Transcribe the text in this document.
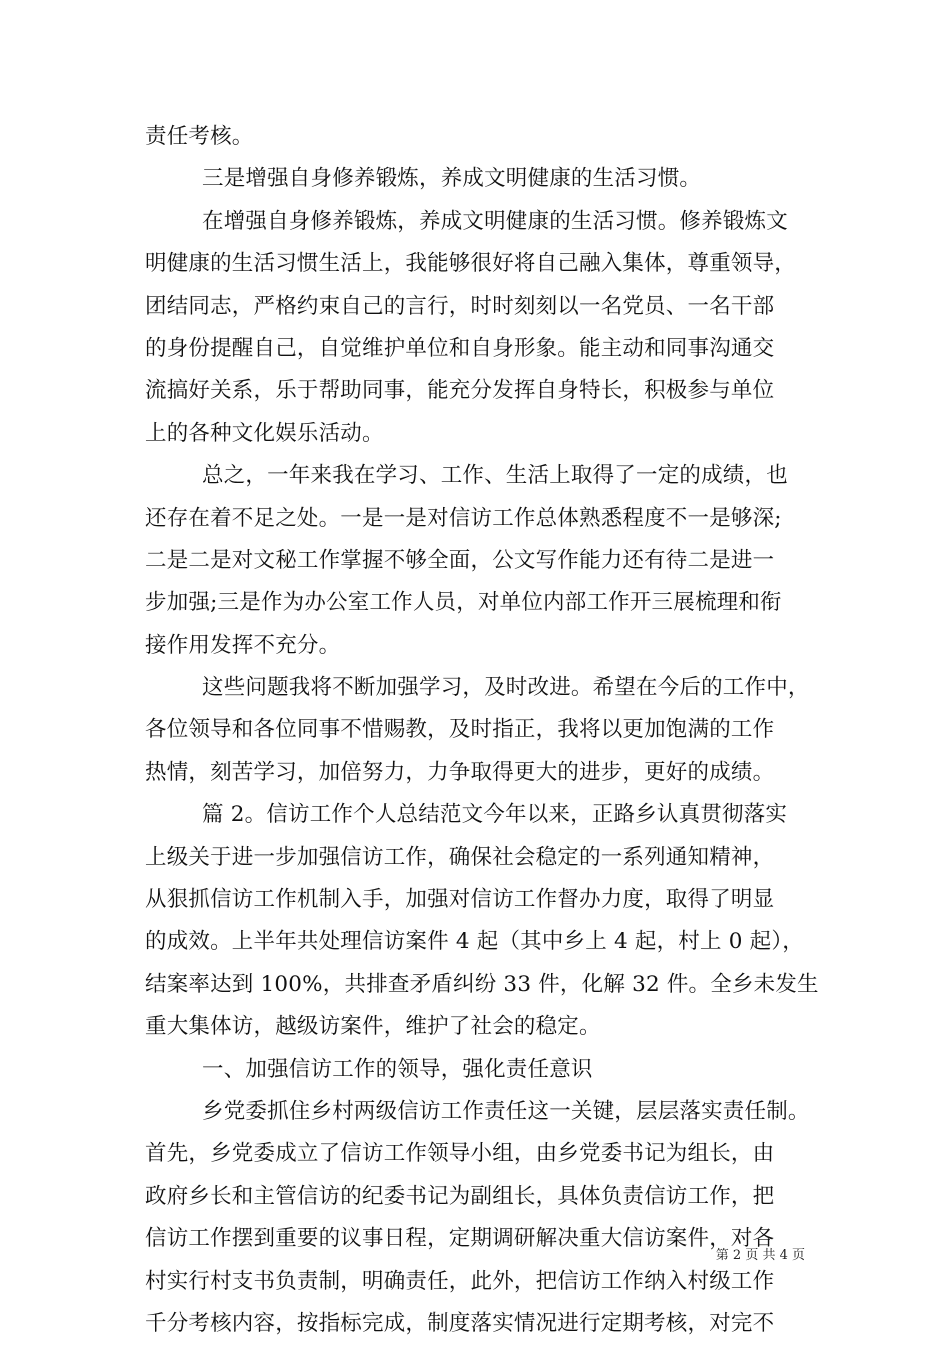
责任考核。
三是增强自身修养锻炼，养成文明健康的生活习惯。
在增强自身修养锻炼，养成文明健康的生活习惯。修养锻炼文
明健康的生活习惯生活上，我能够很好将自己融入集体，尊重领导，
团结同志，严格约束自己的言行，时时刻刻以一名党员、一名干部
的身份提醒自己，自觉维护单位和自身形象。能主动和同事沟通交
流搞好关系，乐于帮助同事，能充分发挥自身特长，积极参与单位
上的各种文化娱乐活动。
总之，一年来我在学习、工作、生活上取得了一定的成绩，也
还存在着不足之处。一是一是对信访工作总体熟悉程度不一是够深;
二是二是对文秘工作掌握不够全面，公文写作能力还有待二是进一
步加强;三是作为办公室工作人员，对单位内部工作开三展梳理和衔
接作用发挥不充分。
这些问题我将不断加强学习，及时改进。希望在今后的工作中，
各位领导和各位同事不惜赐教，及时指正，我将以更加饱满的工作
热情，刻苦学习，加倍努力，力争取得更大的进步，更好的成绩。
篇 2。信访工作个人总结范文今年以来，正路乡认真贯彻落实
上级关于进一步加强信访工作，确保社会稳定的一系列通知精神，
从狠抓信访工作机制入手，加强对信访工作督办力度，取得了明显
的成效。上半年共处理信访案件 4 起（其中乡上 4 起，村上 0 起），
结案率达到 100%，共排查矛盾纠纷 33 件，化解 32 件。全乡未发生
重大集体访，越级访案件，维护了社会的稳定。
一、加强信访工作的领导，强化责任意识
乡党委抓住乡村两级信访工作责任这一关键，层层落实责任制。
首先，乡党委成立了信访工作领导小组，由乡党委书记为组长，由
政府乡长和主管信访的纪委书记为副组长，具体负责信访工作，把
信访工作摆到重要的议事日程，定期调研解决重大信访案件，对各
村实行村支书负责制，明确责任，此外，把信访工作纳入村级工作
千分考核内容，按指标完成，制度落实情况进行定期考核，对完不
第 2 页 共 4 页
